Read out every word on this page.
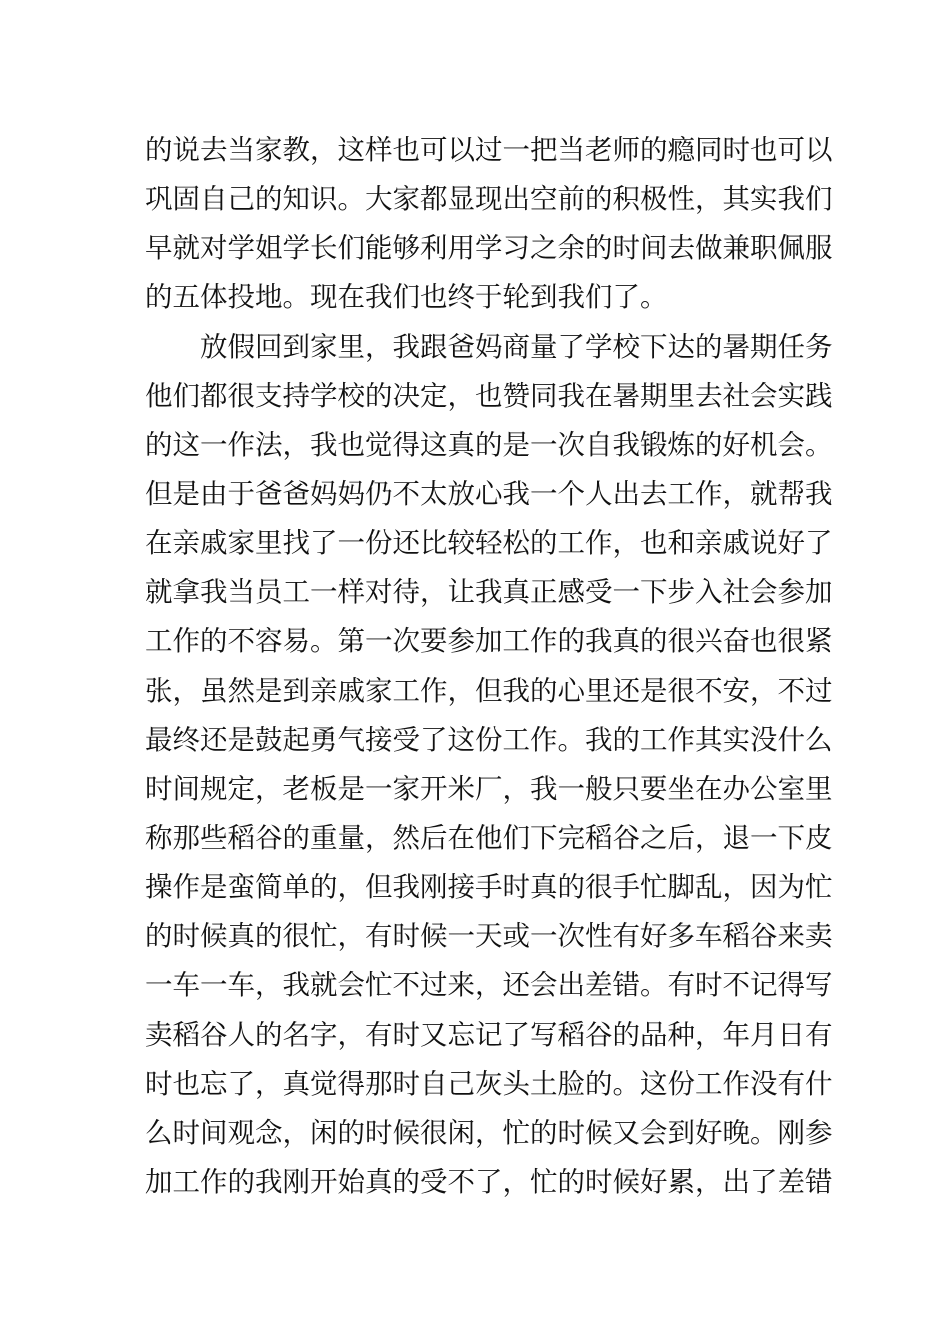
的说去当家教，这样也可以过一把当老师的瘾同时也可以
巩固自己的知识。大家都显现出空前的积极性，其实我们
早就对学姐学长们能够利用学习之余的时间去做兼职佩服
的五体投地。现在我们也终于轮到我们了。
放假回到家里，我跟爸妈商量了学校下达的暑期任务
他们都很支持学校的决定，也赞同我在暑期里去社会实践
的这一作法，我也觉得这真的是一次自我锻炼的好机会。
但是由于爸爸妈妈仍不太放心我一个人出去工作，就帮我
在亲戚家里找了一份还比较轻松的工作，也和亲戚说好了
就拿我当员工一样对待，让我真正感受一下步入社会参加
工作的不容易。第一次要参加工作的我真的很兴奋也很紧
张，虽然是到亲戚家工作，但我的心里还是很不安，不过
最终还是鼓起勇气接受了这份工作。我的工作其实没什么
时间规定，老板是一家开米厂，我一般只要坐在办公室里
称那些稻谷的重量，然后在他们下完稻谷之后，退一下皮
操作是蛮简单的，但我刚接手时真的很手忙脚乱，因为忙
的时候真的很忙，有时候一天或一次性有好多车稻谷来卖
一车一车，我就会忙不过来，还会出差错。有时不记得写
卖稻谷人的名字，有时又忘记了写稻谷的品种，年月日有
时也忘了，真觉得那时自己灰头土脸的。这份工作没有什
么时间观念，闲的时候很闲，忙的时候又会到好晚。刚参
加工作的我刚开始真的受不了，忙的时候好累，出了差错
